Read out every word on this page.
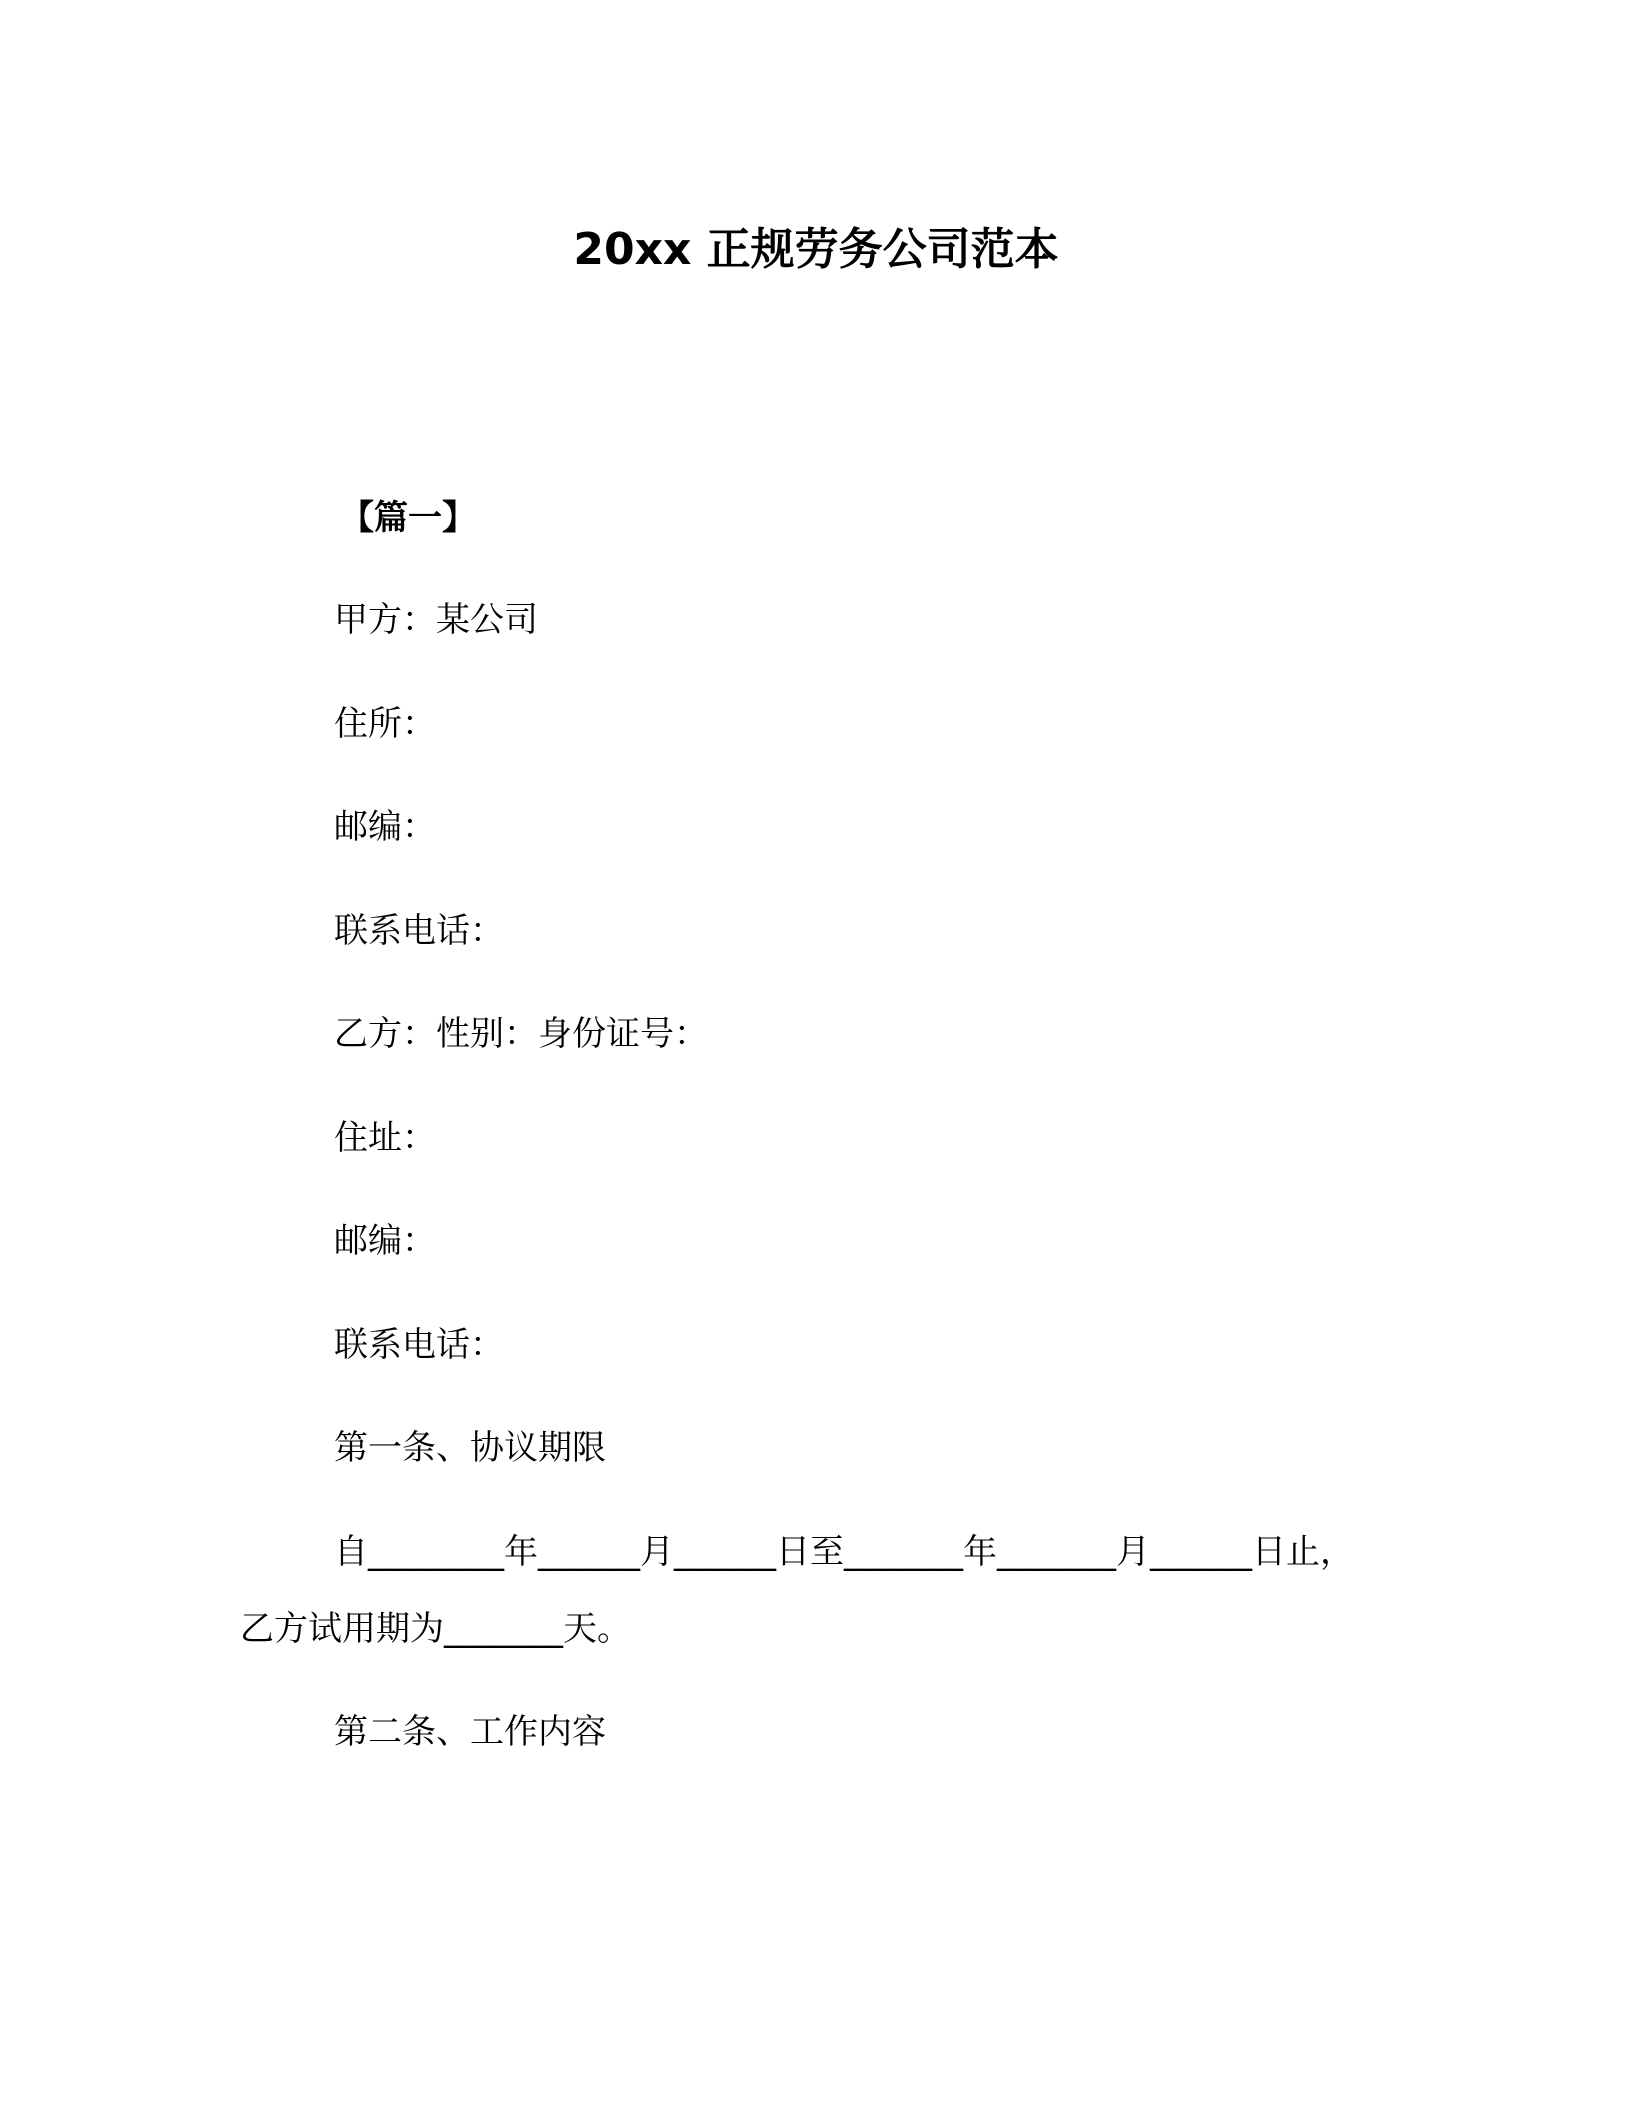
20xx 正规劳务公司范本
【篇一】
甲方：某公司
住所：
邮编：
联系电话：
乙方：性别：身份证号：
住址：
邮编：
联系电话：
第一条、协议期限
自________年______月______日至_______年_______月______日止，
乙方试用期为_______天。
第二条、工作内容
